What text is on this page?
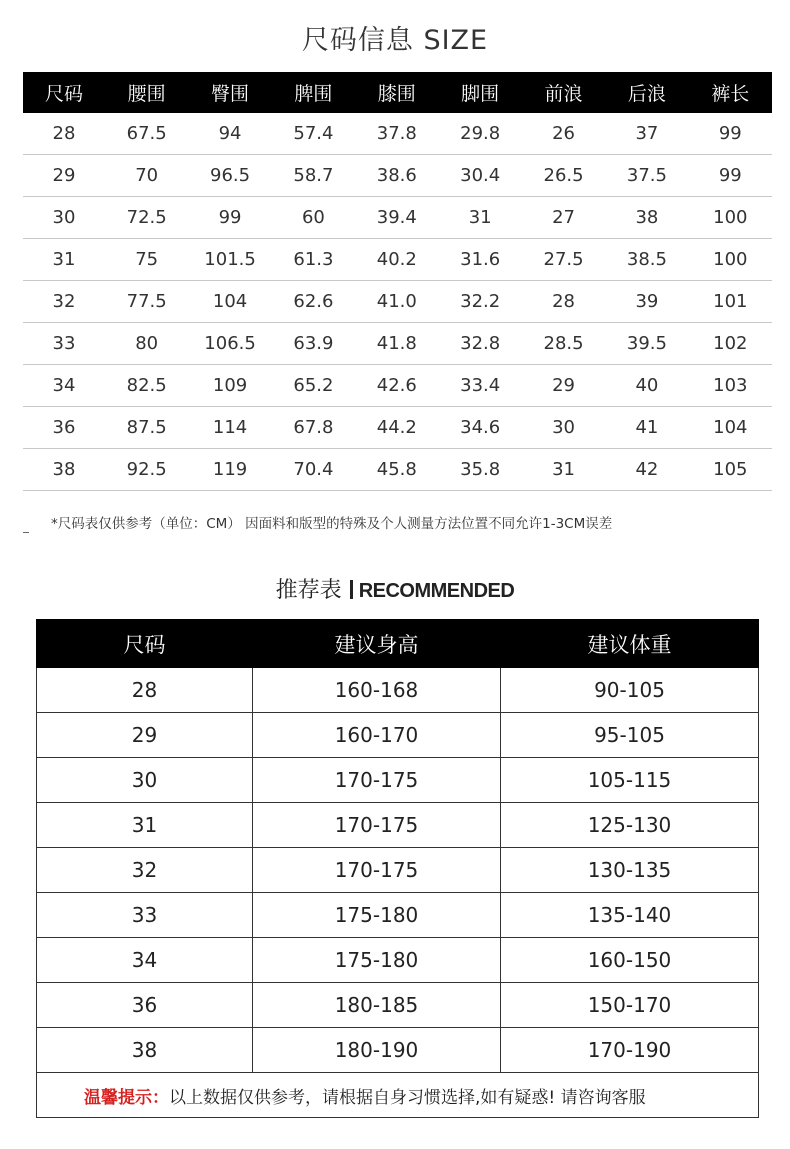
尺码信息 SIZE
尺码	腰围	臀围	脾围	膝围	脚围	前浪	后浪	裤长
28	67.5	94	57.4	37.8	29.8	26	37	99
29	70	96.5	58.7	38.6	30.4	26.5	37.5	99
30	72.5	99	60	39.4	31	27	38	100
31	75	101.5	61.3	40.2	31.6	27.5	38.5	100
32	77.5	104	62.6	41.0	32.2	28	39	101
33	80	106.5	63.9	41.8	32.8	28.5	39.5	102
34	82.5	109	65.2	42.6	33.4	29	40	103
36	87.5	114	67.8	44.2	34.6	30	41	104
38	92.5	119	70.4	45.8	35.8	31	42	105
*尺码表仅供参考（单位：CM） 因面料和版型的特殊及个人测量方法位置不同允许1-3CM误差
推荐表 RECOMMENDED
尺码	建议身高	建议体重
28	160-168	90-105
29	160-170	95-105
30	170-175	105-115
31	170-175	125-130
32	170-175	130-135
33	175-180	135-140
34	175-180	160-150
36	180-185	150-170
38	180-190	170-190
温馨提示：以上数据仅供参考，请根据自身习惯选择,如有疑惑! 请咨询客服		
